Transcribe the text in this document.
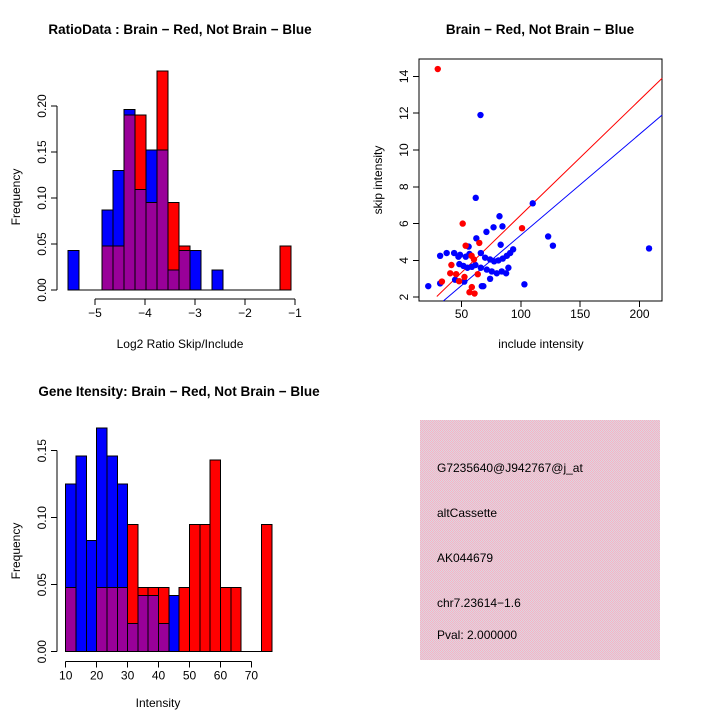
0.00
0.05
0.10
0.15
0.20
−5	−4	−3	−2	−1
RatioData : Brain − Red, Not Brain − Blue
Log2 Ratio Skip/Include
Frequency
50	100	150	200
2
4
6
8
10
12
14
Brain − Red, Not Brain − Blue
include intensity
skip intensity
0.00
0.05
0.10
0.15
10 20 30 40 50 60 70
Gene Itensity: Brain − Red, Not Brain − Blue
Intensity
Frequency
G7235640@J942767@j_at
altCassette
AK044679
chr7.23614−1.6
Pval: 2.000000
